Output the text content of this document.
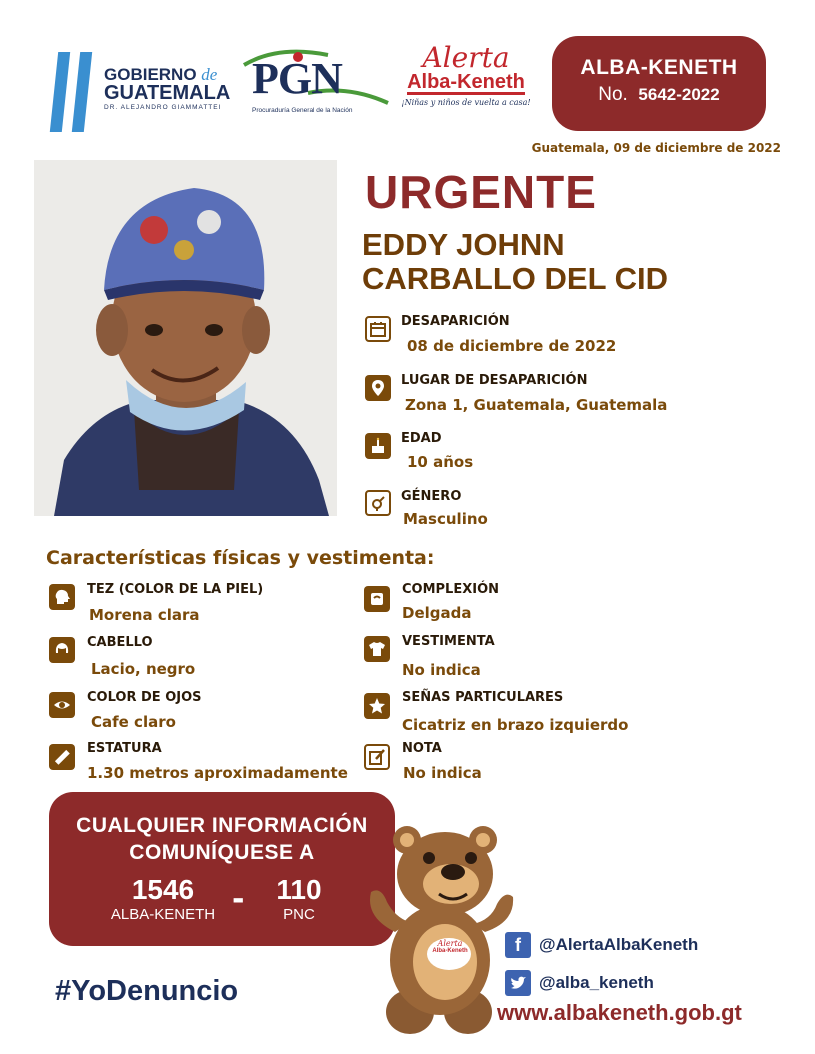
GOBIERNO de
GUATEMALA
DR. ALEJANDRO GIAMMATTEI
PGN
Procuraduría General de la Nación
Alerta
Alba-Keneth
¡Niñas y niños de vuelta a casa!
ALBA-KENETH
No. 5642-2022
Guatemala, 09 de diciembre de 2022
URGENTE
EDDY JOHNN
CARBALLO DEL CID
DESAPARICIÓN
08 de diciembre de 2022
LUGAR DE DESAPARICIÓN
Zona 1, Guatemala, Guatemala
EDAD
10 años
GÉNERO
Masculino
Características físicas y vestimenta:
TEZ (COLOR DE LA PIEL)
Morena clara
CABELLO
Lacio, negro
COLOR DE OJOS
Cafe claro
ESTATURA
1.30 metros aproximadamente
COMPLEXIÓN
Delgada
VESTIMENTA
No indica
SEÑAS PARTICULARES
Cicatriz en brazo izquierdo
NOTA
No indica
CUALQUIER INFORMACIÓN
COMUNÍQUESE A
1546
ALBA-KENETH -	110
PNC
Alerta
Alba-Keneth
#YoDenuncio
f	@AlertaAlbaKeneth
@alba_keneth
www.albakeneth.gob.gt
